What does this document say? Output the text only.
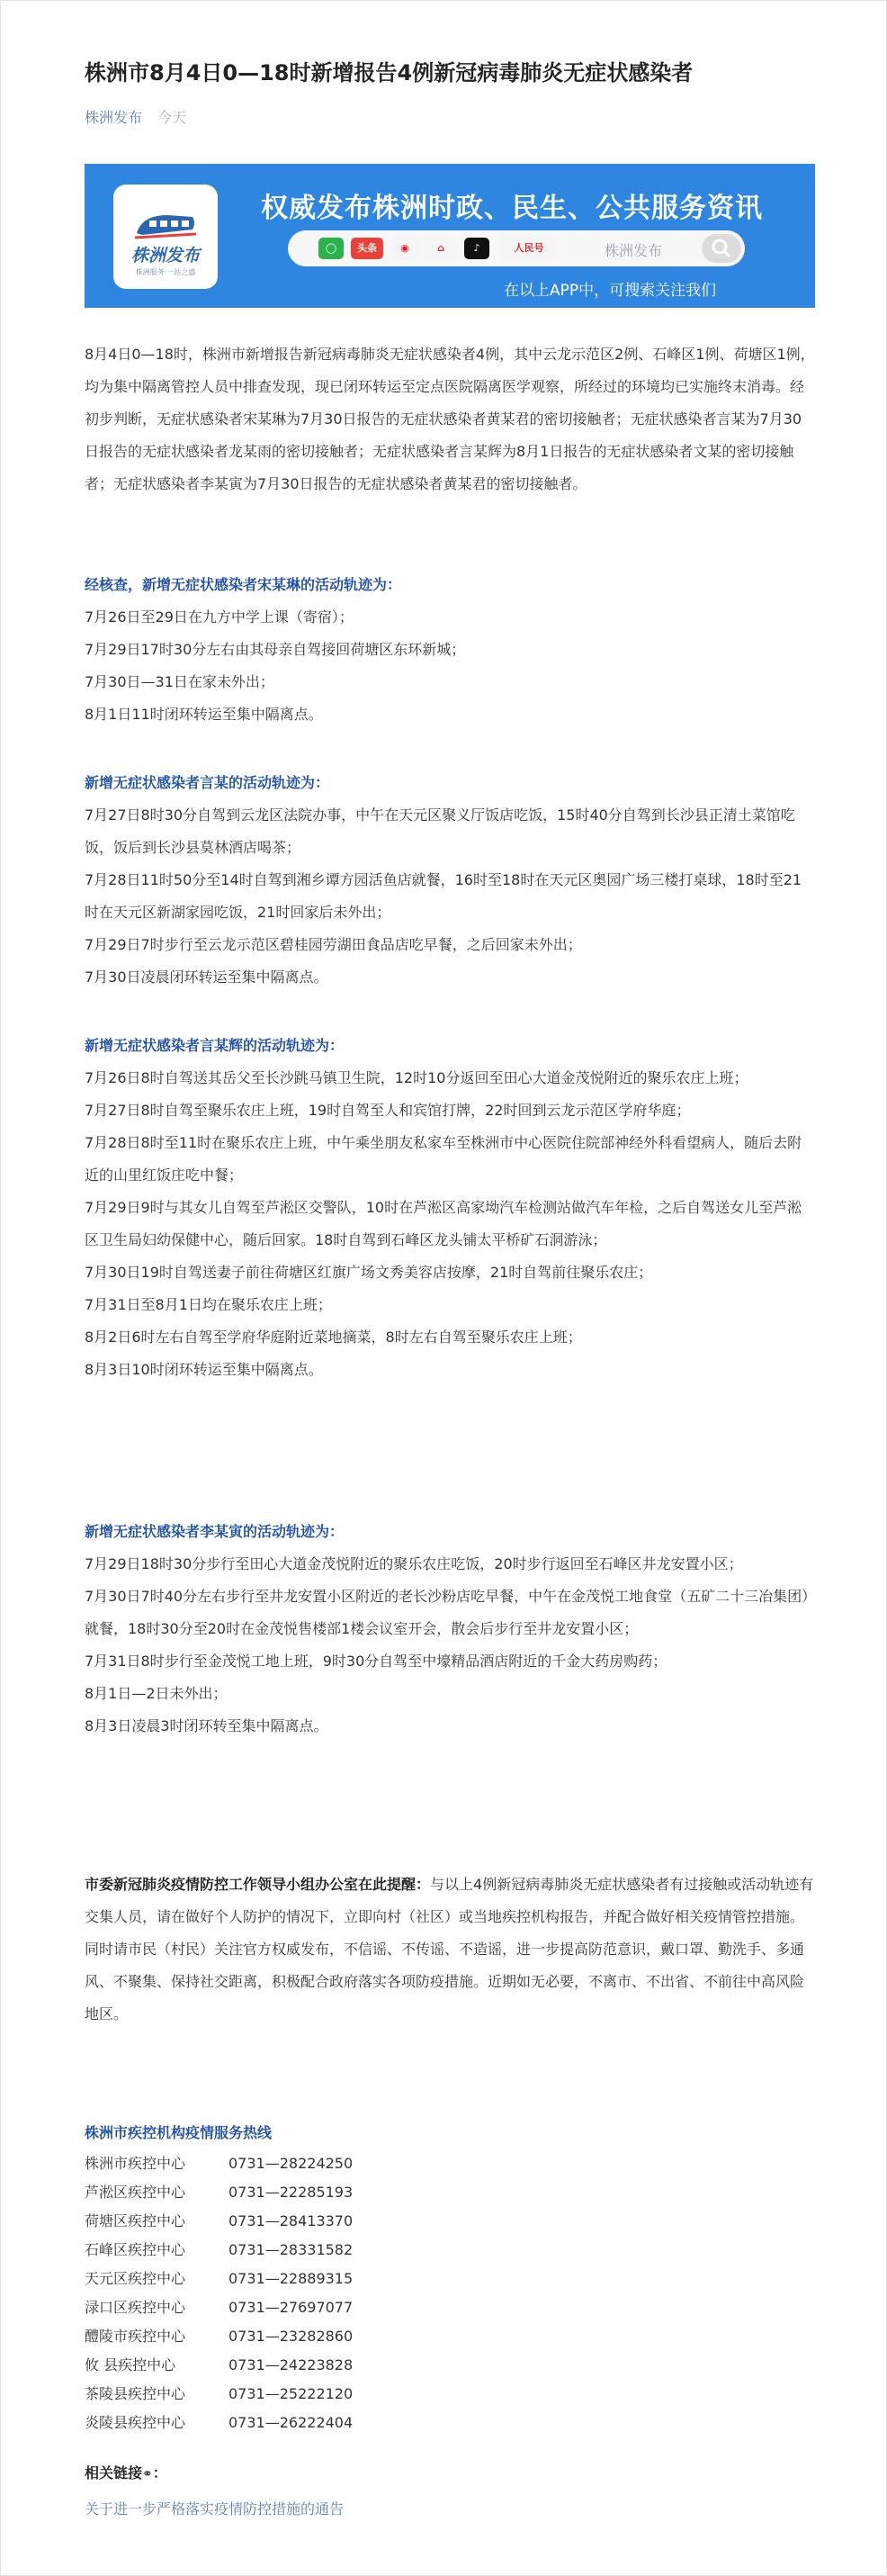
株洲市8月4日0—18时新增报告4例新冠病毒肺炎无症状感染者
株洲发布 今天
株洲发布
株洲服务 一站之盛
权威发布株洲时政、民生、公共服务资讯
◯	头条	◉	⌂	♪	人民号	株洲发布
在以上APP中，可搜索关注我们

8月4日0—18时，株洲市新增报告新冠病毒肺炎无症状感染者4例，其中云龙示范区2例、石峰区1例、荷塘区1例，均为集中隔离管控人员中排查发现，现已闭环转运至定点医院隔离医学观察，所经过的环境均已实施终末消毒。经初步判断，无症状感染者宋某琳为7月30日报告的无症状感染者黄某君的密切接触者；无症状感染者言某为7月30日报告的无症状感染者龙某雨的密切接触者；无症状感染者言某辉为8月1日报告的无症状感染者文某的密切接触者；无症状感染者李某寅为7月30日报告的无症状感染者黄某君的密切接触者。

经核查，新增无症状感染者宋某琳的活动轨迹为：
7月26日至29日在九方中学上课（寄宿）；
7月29日17时30分左右由其母亲自驾接回荷塘区东环新城；
7月30日—31日在家未外出；
8月1日11时闭环转运至集中隔离点。
新增无症状感染者言某的活动轨迹为：
7月27日8时30分自驾到云龙区法院办事，中午在天元区聚义厅饭店吃饭，15时40分自驾到长沙县正清土菜馆吃饭，饭后到长沙县莫林酒店喝茶；
7月28日11时50分至14时自驾到湘乡谭方园活鱼店就餐，16时至18时在天元区奥园广场三楼打桌球，18时至21时在天元区新湖家园吃饭，21时回家后未外出；
7月29日7时步行至云龙示范区碧桂园劳湖田食品店吃早餐，之后回家未外出；
7月30日凌晨闭环转运至集中隔离点。
新增无症状感染者言某辉的活动轨迹为：
7月26日8时自驾送其岳父至长沙跳马镇卫生院，12时10分返回至田心大道金茂悦附近的聚乐农庄上班；
7月27日8时自驾至聚乐农庄上班，19时自驾至人和宾馆打牌，22时回到云龙示范区学府华庭；
7月28日8时至11时在聚乐农庄上班，中午乘坐朋友私家车至株洲市中心医院住院部神经外科看望病人，随后去附近的山里红饭庄吃中餐；
7月29日9时与其女儿自驾至芦淞区交警队，10时在芦淞区高家坳汽车检测站做汽车年检，之后自驾送女儿至芦淞区卫生局妇幼保健中心，随后回家。18时自驾到石峰区龙头铺太平桥矿石洞游泳；
7月30日19时自驾送妻子前往荷塘区红旗广场文秀美容店按摩，21时自驾前往聚乐农庄；
7月31日至8月1日均在聚乐农庄上班；
8月2日6时左右自驾至学府华庭附近菜地摘菜，8时左右自驾至聚乐农庄上班；
8月3日10时闭环转运至集中隔离点。
新增无症状感染者李某寅的活动轨迹为：
7月29日18时30分步行至田心大道金茂悦附近的聚乐农庄吃饭，20时步行返回至石峰区井龙安置小区；
7月30日7时40分左右步行至井龙安置小区附近的老长沙粉店吃早餐，中午在金茂悦工地食堂（五矿二十三冶集团）就餐，18时30分至20时在金茂悦售楼部1楼会议室开会，散会后步行至井龙安置小区；
7月31日8时步行至金茂悦工地上班，9时30分自驾至中壕精品酒店附近的千金大药房购药；
8月1日—2日未外出；
8月3日凌晨3时闭环转至集中隔离点。

市委新冠肺炎疫情防控工作领导小组办公室在此提醒：与以上4例新冠病毒肺炎无症状感染者有过接触或活动轨迹有交集人员，请在做好个人防护的情况下，立即向村（社区）或当地疾控机构报告，并配合做好相关疫情管控措施。同时请市民（村民）关注官方权威发布，不信谣、不传谣、不造谣，进一步提高防范意识，戴口罩、勤洗手、多通风、不聚集、保持社交距离，积极配合政府落实各项防疫措施。近期如无必要，不离市、不出省、不前往中高风险地区。

株洲市疾控机构疫情服务热线
株洲市疾控中心	0731—28224250
芦淞区疾控中心	0731—22285193
荷塘区疾控中心	0731—28413370
石峰区疾控中心	0731—28331582
天元区疾控中心	0731—22889315
渌口区疾控中心	0731—27697077
醴陵市疾控中心	0731—23282860
攸 县疾控中心	0731—24223828
茶陵县疾控中心	0731—25222120
炎陵县疾控中心	0731—26222404
相关链接⚭：
关于进一步严格落实疫情防控措施的通告
